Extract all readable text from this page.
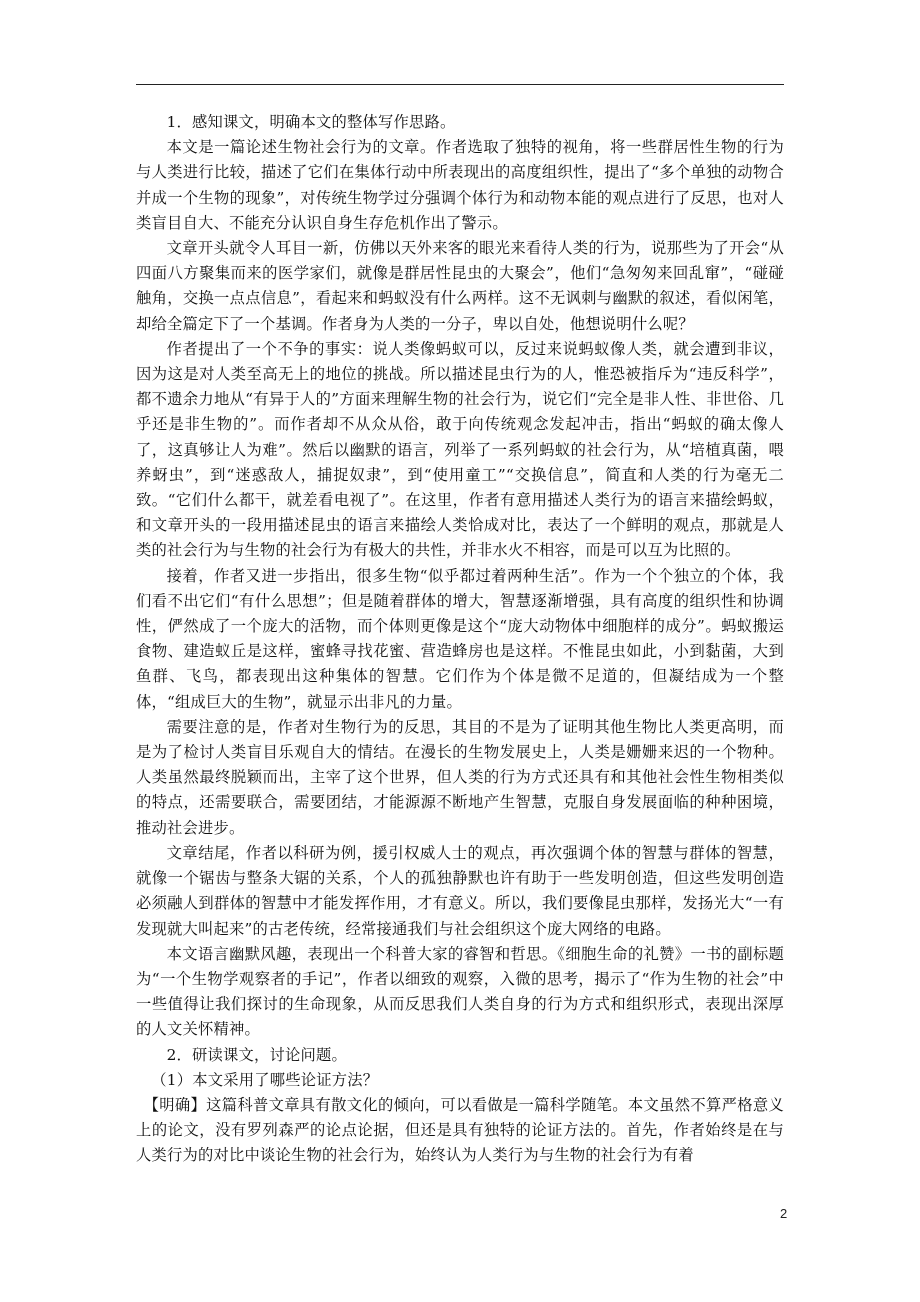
1．感知课文，明确本文的整体写作思路。

本文是一篇论述生物社会行为的文章。作者选取了独特的视角，将一些群居性生物的行为与人类进行比较，描述了它们在集体行动中所表现出的高度组织性，提出了“多个单独的动物合并成一个生物的现象”，对传统生物学过分强调个体行为和动物本能的观点进行了反思，也对人类盲目自大、不能充分认识自身生存危机作出了警示。

文章开头就令人耳目一新，仿佛以天外来客的眼光来看待人类的行为，说那些为了开会“从四面八方聚集而来的医学家们，就像是群居性昆虫的大聚会”，他们“急匆匆来回乱窜”，“碰碰触角，交换一点点信息”，看起来和蚂蚁没有什么两样。这不无讽刺与幽默的叙述，看似闲笔，却给全篇定下了一个基调。作者身为人类的一分子，卑以自处，他想说明什么呢？

作者提出了一个不争的事实：说人类像蚂蚁可以，反过来说蚂蚁像人类，就会遭到非议，因为这是对人类至高无上的地位的挑战。所以描述昆虫行为的人，惟恐被指斥为“违反科学”，都不遗余力地从“有异于人的”方面来理解生物的社会行为，说它们“完全是非人性、非世俗、几乎还是非生物的”。而作者却不从众从俗，敢于向传统观念发起冲击，指出“蚂蚁的确太像人了，这真够让人为难”。然后以幽默的语言，列举了一系列蚂蚁的社会行为，从“培植真菌，喂养蚜虫”，到“迷惑敌人，捕捉奴隶”，到“使用童工”“交换信息”，简直和人类的行为毫无二致。“它们什么都干，就差看电视了”。在这里，作者有意用描述人类行为的语言来描绘蚂蚁，和文章开头的一段用描述昆虫的语言来描绘人类恰成对比，表达了一个鲜明的观点，那就是人类的社会行为与生物的社会行为有极大的共性，并非水火不相容，而是可以互为比照的。

接着，作者又进一步指出，很多生物“似乎都过着两种生活”。作为一个个独立的个体，我们看不出它们“有什么思想”；但是随着群体的增大，智慧逐渐增强，具有高度的组织性和协调性，俨然成了一个庞大的活物，而个体则更像是这个“庞大动物体中细胞样的成分”。蚂蚁搬运食物、建造蚁丘是这样，蜜蜂寻找花蜜、营造蜂房也是这样。不惟昆虫如此，小到黏菌，大到鱼群、飞鸟，都表现出这种集体的智慧。它们作为个体是微不足道的，但凝结成为一个整体，“组成巨大的生物”，就显示出非凡的力量。

需要注意的是，作者对生物行为的反思，其目的不是为了证明其他生物比人类更高明，而是为了检讨人类盲目乐观自大的情结。在漫长的生物发展史上，人类是姗姗来迟的一个物种。人类虽然最终脱颖而出，主宰了这个世界，但人类的行为方式还具有和其他社会性生物相类似的特点，还需要联合，需要团结，才能源源不断地产生智慧，克服自身发展面临的种种困境，推动社会进步。

文章结尾，作者以科研为例，援引权威人士的观点，再次强调个体的智慧与群体的智慧，就像一个锯齿与整条大锯的关系，个人的孤独静默也许有助于一些发明创造，但这些发明创造必须融人到群体的智慧中才能发挥作用，才有意义。所以，我们要像昆虫那样，发扬光大“一有发现就大叫起来”的古老传统，经常接通我们与社会组织这个庞大网络的电路。

本文语言幽默风趣，表现出一个科普大家的睿智和哲思。《细胞生命的礼赞》一书的副标题为“一个生物学观察者的手记”，作者以细致的观察，入微的思考，揭示了“作为生物的社会”中一些值得让我们探讨的生命现象，从而反思我们人类自身的行为方式和组织形式，表现出深厚的人文关怀精神。

2．研读课文，讨论问题。

（1）本文采用了哪些论证方法？

【明确】这篇科普文章具有散文化的倾向，可以看做是一篇科学随笔。本文虽然不算严格意义上的论文，没有罗列森严的论点论据，但还是具有独特的论证方法的。首先，作者始终是在与人类行为的对比中谈论生物的社会行为，始终认为人类行为与生物的社会行为有着

2
